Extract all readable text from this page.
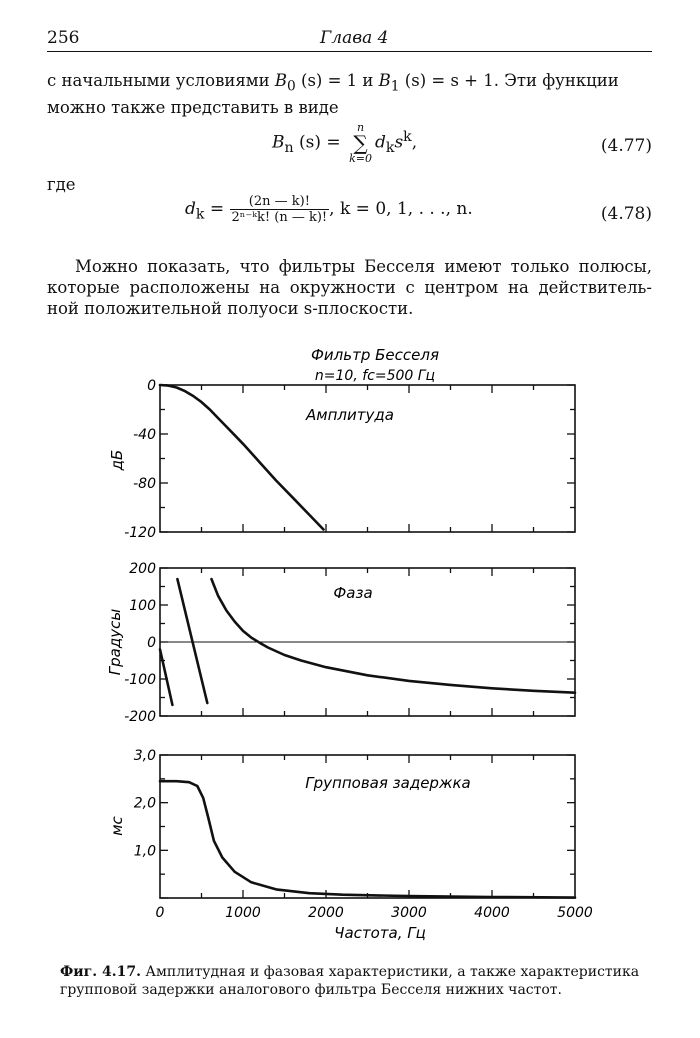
256	Глава 4
с начальными условиями $B_0$ (s) = 1 и $B_1$ (s) = s + 1. Эти функции
можно также представить в виде
$B_n$ (s) = n
∑
$k=0d_ks^k$,	(4.77)
где
$d_k = \frac{(2n — k)!}{\text{2ⁿ⁻ᵏk! (n — k)!}}$ , k = 0, 1, . . ., n.	(4.78)
Можно показать, что фильтры Бесселя имеют только полюсы, которые расположены на окружности с центром на действитель-ной положительной полуоси s-плоскости.
Фильтр Бесселя
n=10, fc=500 Гц
Частота, Гц
0
-40
-80
-120
Амплитуда
дБ
200
100
0
-100
-200
Фаза
Градусы
3,0
2,0
1,0
0	1000	2000	3000	4000	5000
Групповая задержка
мс
Фиг. 4.17. Амплитудная и фазовая характеристики, а также характеристика групповой задержки аналогового фильтра Бесселя нижних частот.
